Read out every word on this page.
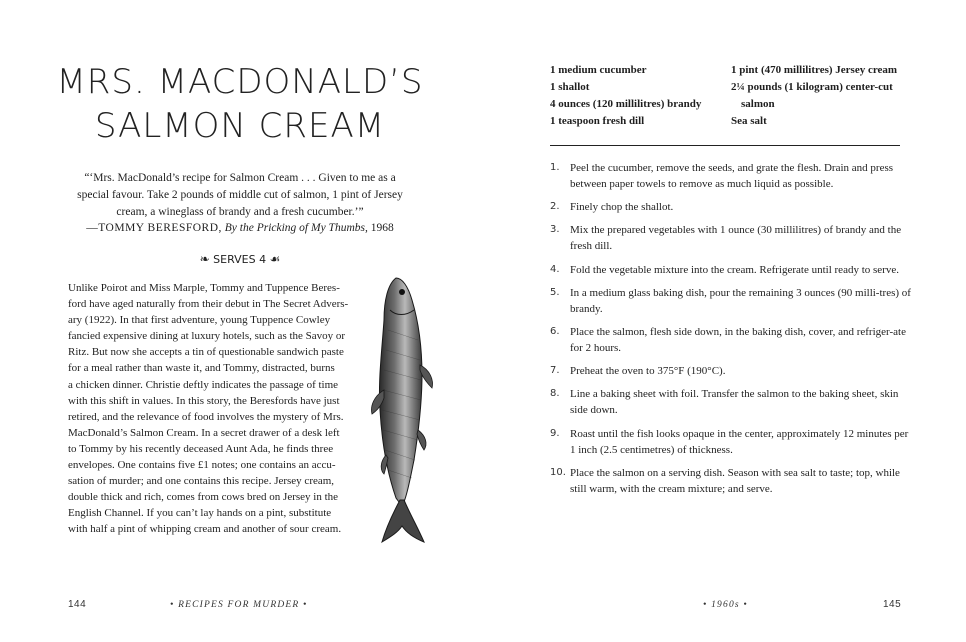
MRS. MACDONALD’S
SALMON CREAM
“‘Mrs. MacDonald’s recipe for Salmon Cream . . . Given to me as a
special favour. Take 2 pounds of middle cut of salmon, 1 pint of Jersey
cream, a wineglass of brandy and a fresh cucumber.’”
—TOMMY BERESFORD, By the Pricking of My Thumbs, 1968
❧ SERVES 4 ☙

Unlike Poirot and Miss Marple, Tommy and Tuppence Beres-

ford have aged naturally from their debut in The Secret Advers-

ary (1922). In that first adventure, young Tuppence Cowley

fancied expensive dining at luxury hotels, such as the Savoy or

Ritz. But now she accepts a tin of questionable sandwich paste

for a meal rather than waste it, and Tommy, distracted, burns

a chicken dinner. Christie deftly indicates the passage of time

with this shift in values. In this story, the Beresfords have just

retired, and the relevance of food involves the mystery of Mrs.

MacDonald’s Salmon Cream. In a secret drawer of a desk left

to Tommy by his recently deceased Aunt Ada, he finds three

envelopes. One contains five £1 notes; one contains an accu-

sation of murder; and one contains this recipe. Jersey cream,

double thick and rich, comes from cows bred on Jersey in the

English Channel. If you can’t lay hands on a pint, substitute

with half a pint of whipping cream and another of sour cream.

144	• RECIPES FOR MURDER •
1 medium cucumber
1 shallot
4 ounces (120 millilitres) brandy
1 teaspoon fresh dill
1 pint (470 millilitres) Jersey cream
2¼ pounds (1 kilogram) center-cut
salmon
Sea salt
1. Peel the cucumber, remove the seeds, and grate the flesh. Drain and press between paper towels to remove as much liquid as possible.
2. Finely chop the shallot.
3. Mix the prepared vegetables with 1 ounce (30 millilitres) of brandy and the fresh dill.
4. Fold the vegetable mixture into the cream. Refrigerate until ready to serve.
5. In a medium glass baking dish, pour the remaining 3 ounces (90 milli-tres) of brandy.
6. Place the salmon, flesh side down, in the baking dish, cover, and refriger-ate for 2 hours.
7. Preheat the oven to 375°F (190°C).
8. Line a baking sheet with foil. Transfer the salmon to the baking sheet, skin side down.
9. Roast until the fish looks opaque in the center, approximately 12 minutes per 1 inch (2.5 centimetres) of thickness.
10. Place the salmon on a serving dish. Season with sea salt to taste; top, while still warm, with the cream mixture; and serve.
• 1960s •	145
